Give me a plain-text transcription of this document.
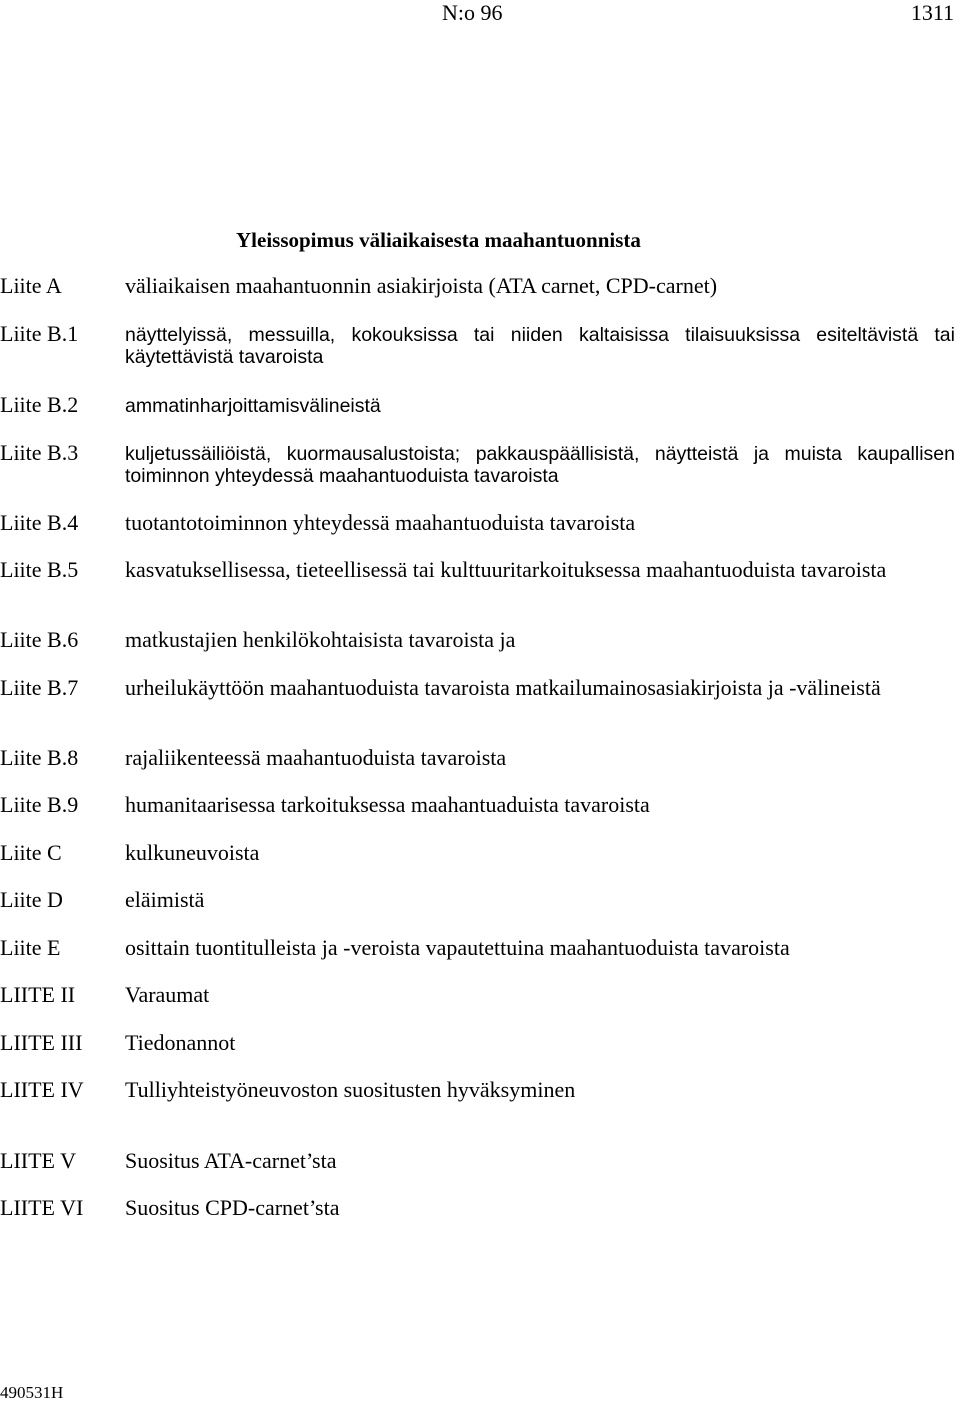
N:o 96	1311
Yleissopimus väliaikaisesta maahantuonnista
Liite A	väliaikaisen maahantuonnin asiakirjoista (ATA carnet, CPD-carnet)
Liite B.1 näyttelyissä, messuilla, kokouksissa tai niiden kaltaisissa tilaisuuksissa esiteltävistä tai käytettävistä tavaroista
Liite B.2 ammatinharjoittamisvälineistä
Liite B.3 kuljetussäiliöistä, kuormausalustoista; pakkauspäällisistä, näytteistä ja muista kaupallisen toiminnon yhteydessä maahantuoduista tavaroista
Liite B.4 tuotantotoiminnon yhteydessä maahantuoduista tavaroista
Liite B.5 kasvatuksellisessa, tieteellisessä tai kulttuuritarkoituksessa maahantuoduista tavaroista
Liite B.6 matkustajien henkilökohtaisista tavaroista ja
Liite B.7 urheilukäyttöön maahantuoduista tavaroista matkailumainosasiakirjoista ja -välineistä
Liite B.8 rajaliikenteessä maahantuoduista tavaroista
Liite B.9 humanitaarisessa tarkoituksessa maahantuaduista tavaroista
Liite C	kulkuneuvoista
Liite D	eläimistä
Liite E	osittain tuontitulleista ja -veroista vapautettuina maahantuoduista tavaroista
LIITE II Varaumat
LIITE III Tiedonannot
LIITE IV Tulliyhteistyöneuvoston suositusten hyväksyminen
LIITE V Suositus ATA-carnet’sta
LIITE VI Suositus CPD-carnet’sta
490531H
